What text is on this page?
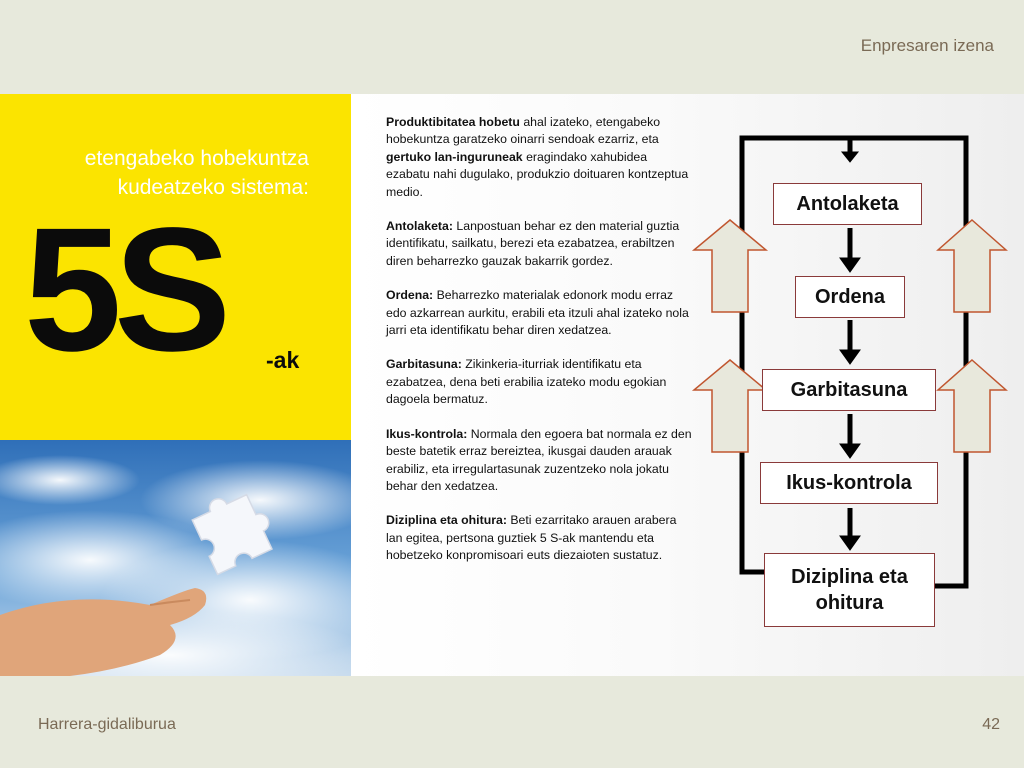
Enpresaren izena
etengabeko hobekuntza
kudeatzeko sistema:
5S -ak

Produktibitatea hobetu ahal izateko, etengabeko hobekuntza garatzeko oinarri sendoak ezarriz, eta gertuko lan-inguruneak eragindako xahubidea ezabatu nahi dugulako, produkzio doituaren kontzeptua medio.

Antolaketa: Lanpostuan behar ez den material guztia identifikatu, sailkatu, berezi eta ezabatzea, erabiltzen diren beharrezko gauzak bakarrik gordez.

Ordena: Beharrezko materialak edonork modu erraz edo azkarrean aurkitu, erabili eta itzuli ahal izateko nola jarri eta identifikatu behar diren xedatzea.

Garbitasuna: Zikinkeria-iturriak identifikatu eta ezabatzea, dena beti erabilia izateko modu egokian dagoela bermatuz.

Ikus-kontrola: Normala den egoera bat normala ez den beste batetik erraz bereiztea, ikusgai dauden arauak erabiliz, eta irregulartasunak zuzentzeko nola jokatu behar den xedatzea.

Diziplina eta ohitura: Beti ezarritako arauen arabera lan egitea, pertsona guztiek 5 S-ak mantendu eta hobetzeko konpromisoari euts diezaioten sustatuz.

Antolaketa
Ordena
Garbitasuna
Ikus-kontrola
Diziplina eta ohitura
Harrera-gidaliburua	42
